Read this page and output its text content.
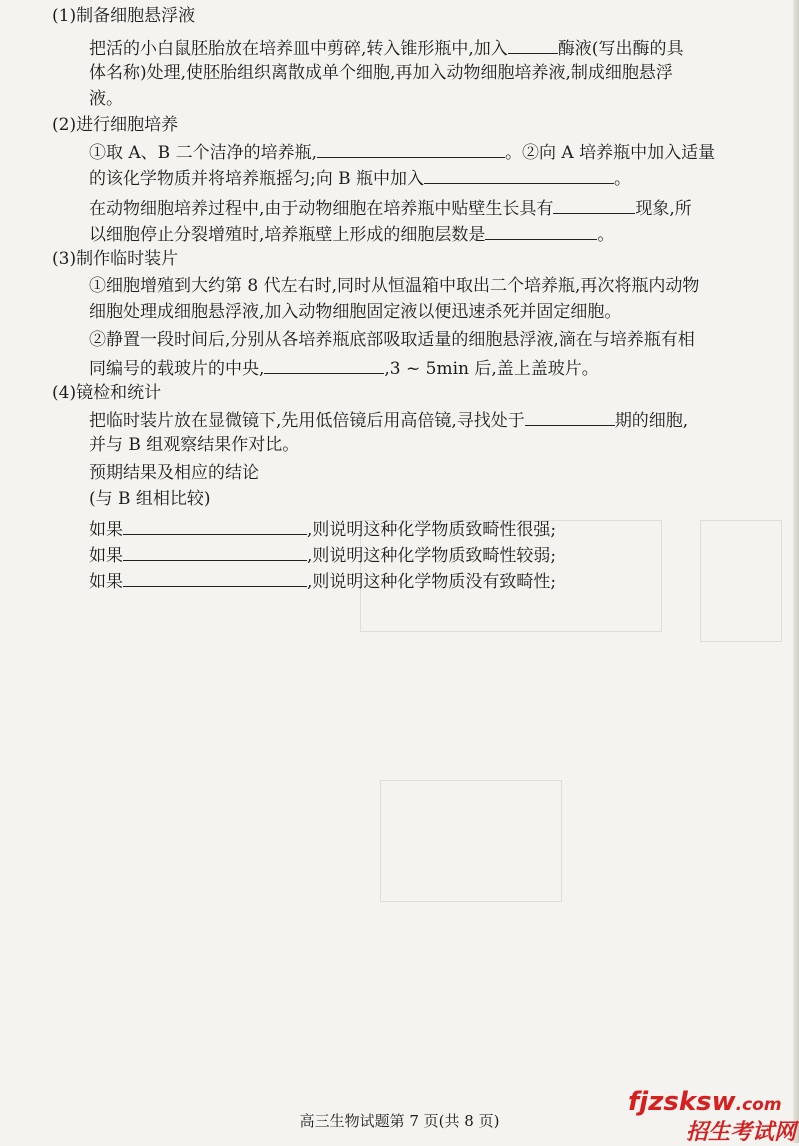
(1)制备细胞悬浮液
把活的小白鼠胚胎放在培养皿中剪碎,转入锥形瓶中,加入	酶液(写出酶的具
体名称)处理,使胚胎组织离散成单个细胞,再加入动物细胞培养液,制成细胞悬浮
液。
(2)进行细胞培养
①取 A、B 二个洁净的培养瓶,	。②向 A 培养瓶中加入适量
的该化学物质并将培养瓶摇匀;向 B 瓶中加入	。
在动物细胞培养过程中,由于动物细胞在培养瓶中贴壁生长具有	现象,所
以细胞停止分裂增殖时,培养瓶壁上形成的细胞层数是	。
(3)制作临时装片
①细胞增殖到大约第 8 代左右时,同时从恒温箱中取出二个培养瓶,再次将瓶内动物
细胞处理成细胞悬浮液,加入动物细胞固定液以便迅速杀死并固定细胞。
②静置一段时间后,分别从各培养瓶底部吸取适量的细胞悬浮液,滴在与培养瓶有相
同编号的载玻片的中央,	,3 ~ 5min 后,盖上盖玻片。
(4)镜检和统计
把临时装片放在显微镜下,先用低倍镜后用高倍镜,寻找处于	期的细胞,
并与 B 组观察结果作对比。
预期结果及相应的结论
(与 B 组相比较)
如果	,则说明这种化学物质致畸性很强;
如果	,则说明这种化学物质致畸性较弱;
如果	,则说明这种化学物质没有致畸性;
高三生物试题第 7 页(共 8 页)
fjzsksw.com
招生考试网
